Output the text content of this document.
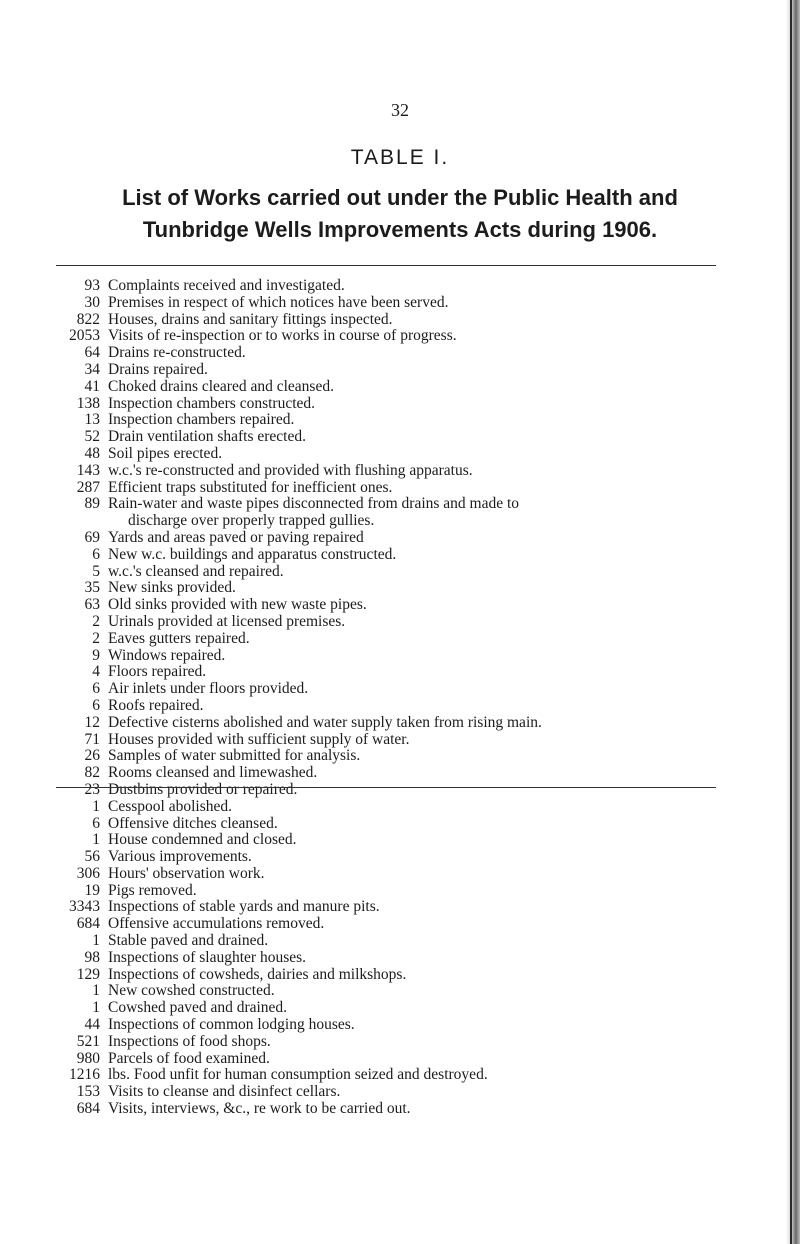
32
TABLE I.
List of Works carried out under the Public Health and
Tunbridge Wells Improvements Acts during 1906.
93 Complaints received and investigated.
30 Premises in respect of which notices have been served.
822 Houses, drains and sanitary fittings inspected.
2053 Visits of re-inspection or to works in course of progress.
64 Drains re-constructed.
34 Drains repaired.
41 Choked drains cleared and cleansed.
138 Inspection chambers constructed.
13 Inspection chambers repaired.
52 Drain ventilation shafts erected.
48 Soil pipes erected.
143 w.c.'s re-constructed and provided with flushing apparatus.
287 Efficient traps substituted for inefficient ones.
89 Rain-water and waste pipes disconnected from drains and made to
discharge over properly trapped gullies.
69 Yards and areas paved or paving repaired
6 New w.c. buildings and apparatus constructed.
5 w.c.'s cleansed and repaired.
35 New sinks provided.
63 Old sinks provided with new waste pipes.
2 Urinals provided at licensed premises.
2 Eaves gutters repaired.
9 Windows repaired.
4 Floors repaired.
6 Air inlets under floors provided.
6 Roofs repaired.
12 Defective cisterns abolished and water supply taken from rising main.
71 Houses provided with sufficient supply of water.
26 Samples of water submitted for analysis.
82 Rooms cleansed and limewashed.
23 Dustbins provided or repaired.
1 Cesspool abolished.
6 Offensive ditches cleansed.
1 House condemned and closed.
56 Various improvements.
306 Hours' observation work.
19 Pigs removed.
3343 Inspections of stable yards and manure pits.
684 Offensive accumulations removed.
1 Stable paved and drained.
98 Inspections of slaughter houses.
129 Inspections of cowsheds, dairies and milkshops.
1 New cowshed constructed.
1 Cowshed paved and drained.
44 Inspections of common lodging houses.
521 Inspections of food shops.
980 Parcels of food examined.
1216 lbs. Food unfit for human consumption seized and destroyed.
153 Visits to cleanse and disinfect cellars.
684 Visits, interviews, &c., re work to be carried out.
